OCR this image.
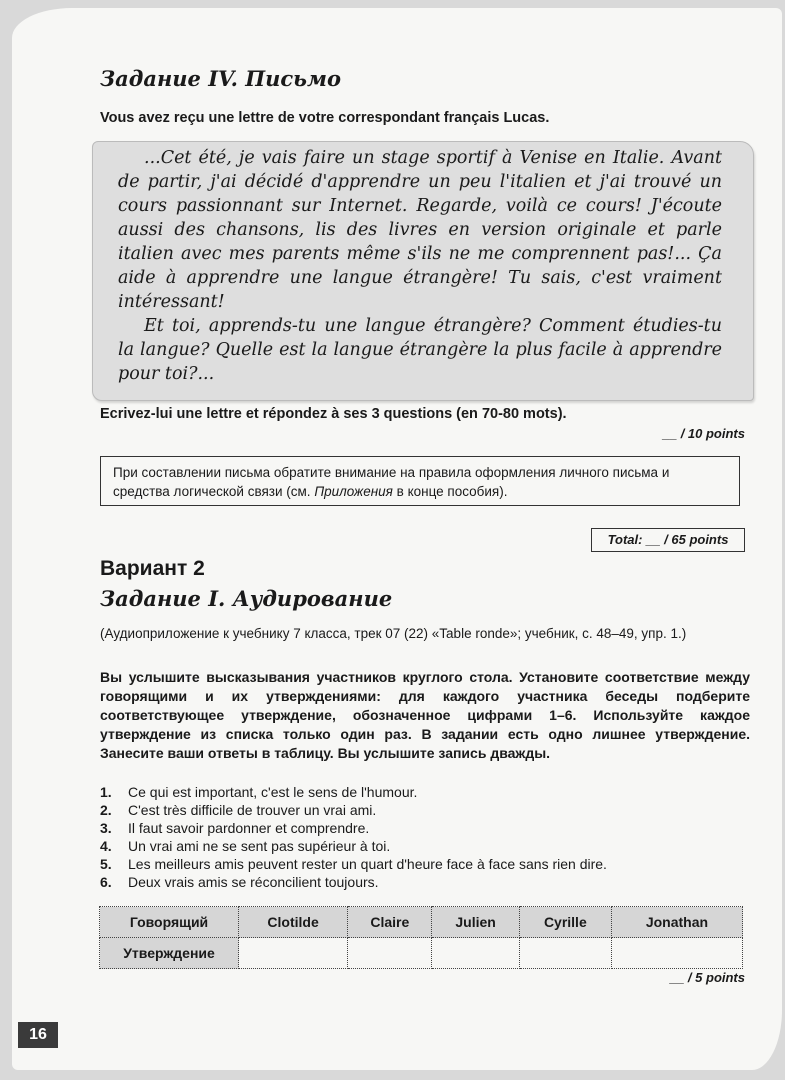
Задание IV. Письмо
Vous avez reçu une lettre de votre correspondant français Lucas.

...Cet été, je vais faire un stage sportif à Venise en Italie. Avant de partir, j'ai décidé d'apprendre un peu l'italien et j'ai trouvé un cours passionnant sur Internet. Regarde, voilà ce cours! J'écoute aussi des chansons, lis des livres en version originale et parle italien avec mes parents même s'ils ne me comprennent pas!... Ça aide à apprendre une langue étrangère! Tu sais, c'est vraiment intéressant!

Et toi, apprends-tu une langue étrangère? Comment étudies-tu la langue? Quelle est la langue étrangère la plus facile à apprendre pour toi?...

Ecrivez-lui une lettre et répondez à ses 3 questions (en 70-80 mots).
__ / 10 points
При составлении письма обратите внимание на правила оформления личного письма и средства логической связи (см. Приложения в конце пособия).
Total: __ / 65 points
Вариант 2
Задание I. Аудирование
(Аудиоприложение к учебнику 7 класса, трек 07 (22) «Table ronde»; учебник, с. 48–49, упр. 1.)
Вы услышите высказывания участников круглого стола. Установите соответствие между говорящими и их утверждениями: для каждого участника беседы подберите соответствующее утверждение, обозначенное цифрами 1–6. Используйте каждое утверждение из списка только один раз. В задании есть одно лишнее утверждение. Занесите ваши ответы в таблицу. Вы услышите запись дважды.
1.	Ce qui est important, c'est le sens de l'humour.
2.	C'est très difficile de trouver un vrai ami.
3.	Il faut savoir pardonner et comprendre.
4.	Un vrai ami ne se sent pas supérieur à toi.
5.	Les meilleurs amis peuvent rester un quart d'heure face à face sans rien dire.
6.	Deux vrais amis se réconcilient toujours.
Говорящий	Clotilde	Claire	Julien	Cyrille	Jonathan
Утверждение					
__ / 5 points
16
